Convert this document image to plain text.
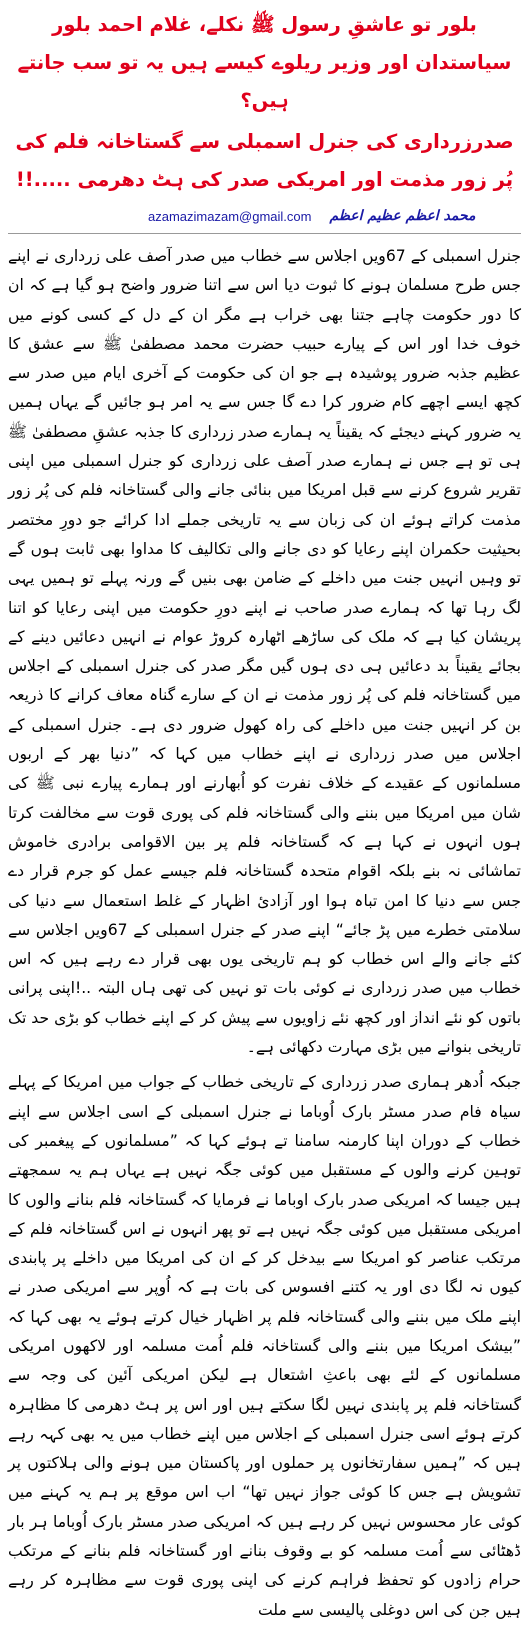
بلور تو عاشقِ رسول ﷺ نکلے، غلام احمد بلور سیاستدان اور وزیر ریلوے کیسے ہیں یہ تو سب جانتے ہیں؟

صدرزرداری کی جنرل اسمبلی سے گستاخانہ فلم کی پُر زور مذمت اور امریکی صدر کی ہٹ دھرمی .....!!

azamazimazam@gmail.com محمد اعظم عظیم اعظم

جنرل اسمبلی کے 67ویں اجلاس سے خطاب میں صدر آصف علی زرداری نے اپنے جس طرح مسلمان ہونے کا ثبوت دیا اس سے اتنا ضرور واضح ہو گیا ہے کہ ان کا دور حکومت چاہے جتنا بھی خراب ہے مگر ان کے دل کے کسی کونے میں خوف خدا اور اس کے پیارے حبیب حضرت محمد مصطفیٰ ﷺ سے عشق کا عظیم جذبہ ضرور پوشیدہ ہے جو ان کی حکومت کے آخری ایام میں صدر سے کچھ ایسے اچھے کام ضرور کرا دے گا جس سے یہ امر ہو جائیں گے یہاں ہمیں یہ ضرور کہنے دیجئے کہ یقیناً یہ ہمارے صدر زرداری کا جذبہ عشقِ مصطفیٰ ﷺ ہی تو ہے جس نے ہمارے صدر آصف علی زرداری کو جنرل اسمبلی میں اپنی تقریر شروع کرنے سے قبل امریکا میں بنائی جانے والی گستاخانہ فلم کی پُر زور مذمت کراتے ہوئے ان کی زبان سے یہ تاریخی جملے ادا کرائے جو دورِ مختصر بحیثیت حکمران اپنے رعایا کو دی جانے والی تکالیف کا مداوا بھی ثابت ہوں گے تو وہیں انہیں جنت میں داخلے کے ضامن بھی بنیں گے ورنہ پہلے تو ہمیں یہی لگ رہا تھا کہ ہمارے صدر صاحب نے اپنے دورِ حکومت میں اپنی رعایا کو اتنا پریشان کیا ہے کہ ملک کی ساڑھے اٹھارہ کروڑ عوام نے انہیں دعائیں دینے کے بجائے یقیناً بد دعائیں ہی دی ہوں گیں مگر صدر کی جنرل اسمبلی کے اجلاس میں گستاخانہ فلم کی پُر زور مذمت نے ان کے سارے گناہ معاف کرانے کا ذریعہ بن کر انہیں جنت میں داخلے کی راہ کھول ضرور دی ہے۔ جنرل اسمبلی کے اجلاس میں صدر زرداری نے اپنے خطاب میں کہا کہ ”دنیا بھر کے اربوں مسلمانوں کے عقیدے کے خلاف نفرت کو اُبھارنے اور ہمارے پیارے نبی ﷺ کی شان میں امریکا میں بننے والی گستاخانہ فلم کی پوری قوت سے مخالفت کرتا ہوں انہوں نے کہا ہے کہ گستاخانہ فلم پر بین الاقوامی برادری خاموش تماشائی نہ بنے بلکہ اقوام متحدہ گستاخانہ فلم جیسے عمل کو جرم قرار دے جس سے دنیا کا امن تباہ ہوا اور آزادیٔ اظہار کے غلط استعمال سے دنیا کی سلامتی خطرے میں پڑ جائے“ اپنے صدر کے جنرل اسمبلی کے 67ویں اجلاس سے کئے جانے والے اس خطاب کو ہم تاریخی یوں بھی قرار دے رہے ہیں کہ اس خطاب میں صدر زرداری نے کوئی بات تو نہیں کی تھی ہاں البتہ ..!اپنی پرانی باتوں کو نئے انداز اور کچھ نئے زاویوں سے پیش کر کے اپنے خطاب کو بڑی حد تک تاریخی بنوانے میں بڑی مہارت دکھائی ہے۔

جبکہ اُدھر ہماری صدر زرداری کے تاریخی خطاب کے جواب میں امریکا کے پہلے سیاہ فام صدر مسٹر بارک اُوباما نے جنرل اسمبلی کے اسی اجلاس سے اپنے خطاب کے دوران اپنا کارمنہ سامنا تے ہوئے کہا کہ ”مسلمانوں کے پیغمبر کی توہین کرنے والوں کے مستقبل میں کوئی جگہ نہیں ہے یہاں ہم یہ سمجھتے ہیں جیسا کہ امریکی صدر بارک اوباما نے فرمایا کہ گستاخانہ فلم بنانے والوں کا امریکی مستقبل میں کوئی جگہ نہیں ہے تو پھر انہوں نے اس گستاخانہ فلم کے مرتکب عناصر کو امریکا سے بیدخل کر کے ان کی امریکا میں داخلے پر پابندی کیوں نہ لگا دی اور یہ کتنے افسوس کی بات ہے کہ اُوپر سے امریکی صدر نے اپنے ملک میں بننے والی گستاخانہ فلم پر اظہار خیال کرتے ہوئے یہ بھی کہا کہ ”بیشک امریکا میں بننے والی گستاخانہ فلم اُمت مسلمہ اور لاکھوں امریکی مسلمانوں کے لئے بھی باعثِ اشتعال ہے لیکن امریکی آئین کی وجہ سے گستاخانہ فلم پر پابندی نہیں لگا سکتے ہیں اور اس پر ہٹ دھرمی کا مظاہرہ کرتے ہوئے اسی جنرل اسمبلی کے اجلاس میں اپنے خطاب میں یہ بھی کہہ رہے ہیں کہ ”ہمیں سفارتخانوں پر حملوں اور پاکستان میں ہونے والی ہلاکتوں پر تشویش ہے جس کا کوئی جواز نہیں تھا“ اب اس موقع پر ہم یہ کہنے میں کوئی عار محسوس نہیں کر رہے ہیں کہ امریکی صدر مسٹر بارک اُوباما ہر بار ڈھٹائی سے اُمت مسلمہ کو بے وقوف بنانے اور گستاخانہ فلم بنانے کے مرتکب حرام زادوں کو تحفظ فراہم کرنے کی اپنی پوری قوت سے مظاہرہ کر رہے ہیں جن کی اس دوغلی پالیسی سے ملت
